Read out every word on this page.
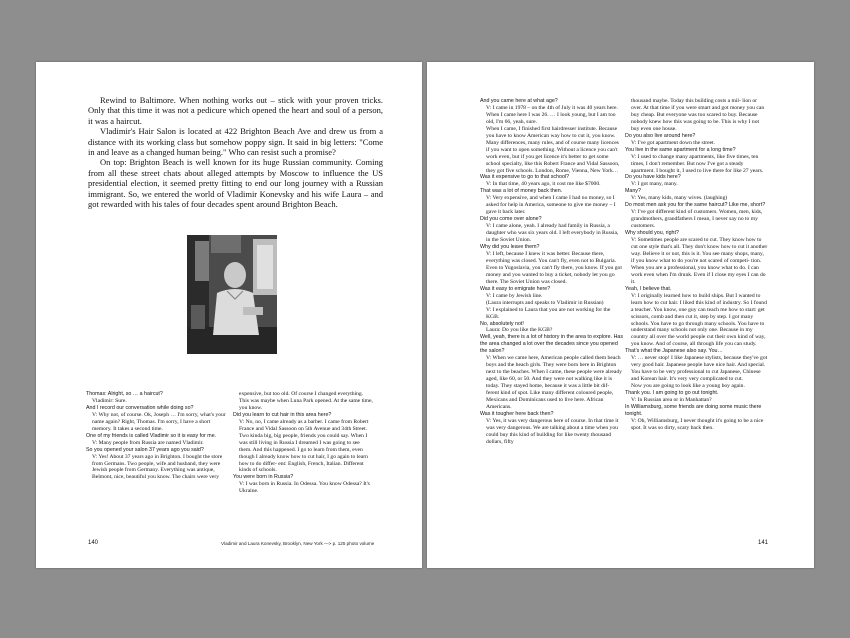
Rewind to Baltimore. When nothing works out – stick with your proven tricks. Only that this time it was not a pedicure which opened the heart and soul of a person, it was a haircut.

Vladimir's Hair Salon is located at 422 Brighton Beach Ave and drew us from a distance with its working class but somehow poppy sign. It said in big letters: "Come in and leave as a changed human being." Who can resist such a promise?

On top: Brighton Beach is well known for its huge Russian community. Coming from all these street chats about alleged attempts by Moscow to influence the US presidential election, it seemed pretty fitting to end our long journey with a Russian immigrant. So, we entered the world of Vladimir Konevsky and his wife Laura – and got rewarded with his tales of four decades spent around Brighton Beach.

Thomas: Alright, so … a haircut?
Vladimir: Sure.
And I record our conversation while doing so?
V: Why not, of course. Ok, Joseph … I'm sorry, what's your name again? Right, Thomas. I'm sorry, I have a short memory. It takes a second time.
One of my friends is called Vladimir so it is easy for me.
V: Many people from Russia are named Vladimir.
So you opened your salon 37 years ago you said?
V: Yes! About 37 years ago in Brighton. I bought the store from Germans. Two people, wife and husband, they were Jewish people from Germany. Everything was antique, Belmont, nice, beautiful you know. The chairs were very
expensive, but too old. Of course I changed everything. This was maybe when Luna Park opened. At the same time, you know.
Did you learn to cut hair in this area here?
V: No, no, I came already as a barber. I came from Robert France and Vidal Sassoon on 5th Avenue and 34th Street. Two kinda big, big people, friends you could say. When I was still living in Russia I dreamed I was going to see them. And this happened. I go to learn from them, even though I already know how to cut hair, I go again to learn how to do differ- ent: English, French, Italian. Different kinds of schools.
You were born in Russia?
V: I was born in Russia. In Odessa. You know Odessa? It's Ukraine.
140	Vladimir and Laura Konevsky, Brooklyn, New York —> p. 125 photo volume
And you came here at what age?
V: I came in 1978 – on the 4th of July it was 40 years here. When I came here I was 26. … I look young, but I am too old, I'm 66, yeah, sure.
When I came, I finished first hairdresser institute. Because you have to know American way how to cut it, you know. Many differences, many rules, and of course many licences if you want to open something. Without a licence you can't work even, but if you get licence it's better to get some school specialty, like this Robert France and Vidal Sassoon, they got five schools. London, Rome, Vienna, New York…
Was it expensive to go to that school?
V: In that time, 40 years ago, it cost me like $7000.
That was a lot of money back then.
V: Very expensive, and when I came I had no money, so I asked for help in America, someone to give me money – I gave it back later.
Did you come over alone?
V: I came alone, yeah. I already had family in Russia, a daughter who was six years old. I left everybody in Russia, in the Soviet Union.
Why did you leave them?
V: I left, because I knew it was better. Because there, everything was closed. You can't fly, even not to Bulgaria. Even to Yugoslavia, you can't fly there, you know. If you got money and you wanted to buy a ticket, nobody let you go there. The Soviet Union was closed.
Was it easy to emigrate here?
V: I came by Jewish line.
(Laura interrupts and speaks to Vladimir in Russian)
V: I explained to Laura that you are not working for the KGB.
No, absolutely not!
Laura: Do you like the KGB?
Well, yeah, there is a lot of history in the area to explore. Has the area changed a lot over the decades since you opened the salon?
V: When we came here, American people called them beach boys and the beach girls. They were born here in Brighton next to the beaches. When I came, these people were already aged, like 60, or 50. And they were not walking like it is today. They stayed home, because it was a little bit dif- ferent kind of spot. Like many different coloured people, Mexicans and Dominicans used to live here. African Americans.
Was it tougher here back then?
V: Yes, it was very dangerous here of course. In that time it was very dangerous. We are talking about a time when you could buy this kind of building for like twenty thousand dollars, fifty
thousand maybe. Today this building costs a mil- lion or over. At that time if you were smart and got money you can buy cheap. But everyone was too scared to buy. Because nobody knew how this was going to be. This is why I not buy even one house.
Do you also live around here?
V: I've got apartment down the street.
You live in the same apartment for a long time?
V: I used to change many apartments, like five times, ten times, I don't remember. But now I've got a steady apartment. I bought it, I used to live there for like 27 years.
Do you have kids here?
V: I got many, many.
Many?
V: Yes, many kids, many wives. (laughing)
Do most men ask you for the same haircut? Like me, short?
V: I've got different kind of customers. Women, men, kids, grandmothers, grandfathers I mean, I never say no to my customers.
Why should you, right?
V: Sometimes people are scared to cut. They know how to cut one style that's all. They don't know how to cut it another way. Believe it or not, this is it. You see many shops, many, if you know what to do you're not scared of competi- tion. When you are a professional, you know what to do. I can work even when I'm drunk. Even if I close my eyes I can do it.
Yeah, I believe that.
V: I originally learned how to build ships. But I wanted to learn how to cut hair. I liked this kind of industry. So I found a teacher. You know, one guy can teach me how to start: get scissors, comb and then cut it, step by step. I got many schools. You have to go through many schools. You have to understand many schools not only one. Because in my country all over the world people cut their own kind of way, you know. And of course, all through life you can study.
That's what the Japanese also say. You…
V: … never stop! I like Japanese stylists, because they've got very good hair. Japanese people have nice hair. And special. You have to be very professional to cut Japanese, Chinese and Korean hair. It's very very complicated to cut.
Now you are going to look like a young boy again.
Thank you. I am going to go out tonight.
V: In Russian area or in Manhattan?
In Williamsburg, some friends are doing some music there tonight.
V: Oh, Williamsburg, I never thought it's going to be a nice spot. It was so dirty, scary back then.
141
